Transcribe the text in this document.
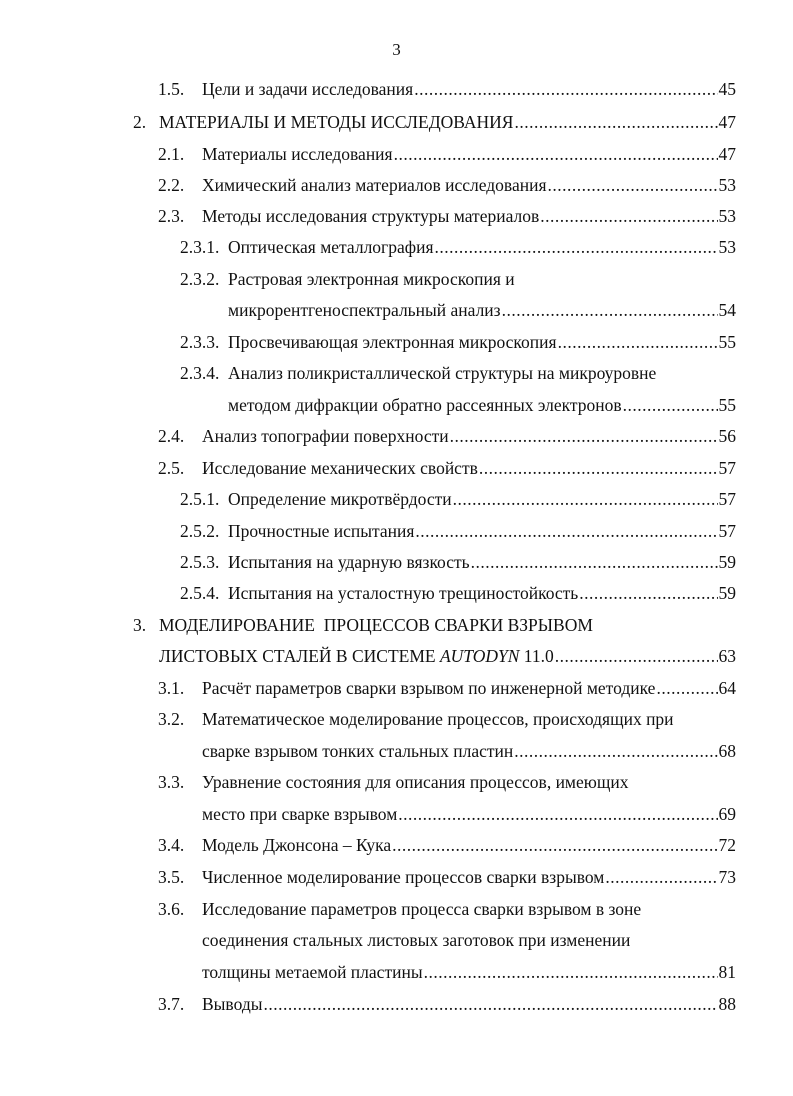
3
1.5.	Цели и задачи исследования .....	45
2. МАТЕРИАЛЫ И МЕТОДЫ ИССЛЕДОВАНИЯ .....	47
2.1.	Материалы исследования .....	47
2.2.	Химический анализ материалов исследования .....	53
2.3.	Методы исследования структуры материалов .....	53
2.3.1. Оптическая металлография .....	53
2.3.2. Растровая электронная микроскопия и
микрорентгеноспектральный анализ .....	54
2.3.3. Просвечивающая электронная микроскопия .....	55
2.3.4. Анализ поликристаллической структуры на микроуровне
методом дифракции обратно рассеянных электронов .....	55
2.4.	Анализ топографии поверхности .....	56
2.5.	Исследование механических свойств .....	57
2.5.1. Определение микротвёрдости .....	57
2.5.2. Прочностные испытания .....	57
2.5.3. Испытания на ударную вязкость .....	59
2.5.4. Испытания на усталостную трещиностойкость .....	59
3. МОДЕЛИРОВАНИЕ  ПРОЦЕССОВ СВАРКИ ВЗРЫВОМ
ЛИСТОВЫХ СТАЛЕЙ В СИСТЕМЕ AUTODYN 11.0 .....	63
3.1.	Расчёт параметров сварки взрывом по инженерной методике .....	64
3.2.	Математическое моделирование процессов, происходящих при
сварке взрывом тонких стальных пластин .....	68
3.3.	Уравнение состояния для описания процессов, имеющих
место при сварке взрывом .....	69
3.4.	Модель Джонсона – Кука .....	72
3.5.	Численное моделирование процессов сварки взрывом .....	73
3.6.	Исследование параметров процесса сварки взрывом в зоне
соединения стальных листовых заготовок при изменении
толщины метаемой пластины .....	81
3.7.	Выводы .....	88
